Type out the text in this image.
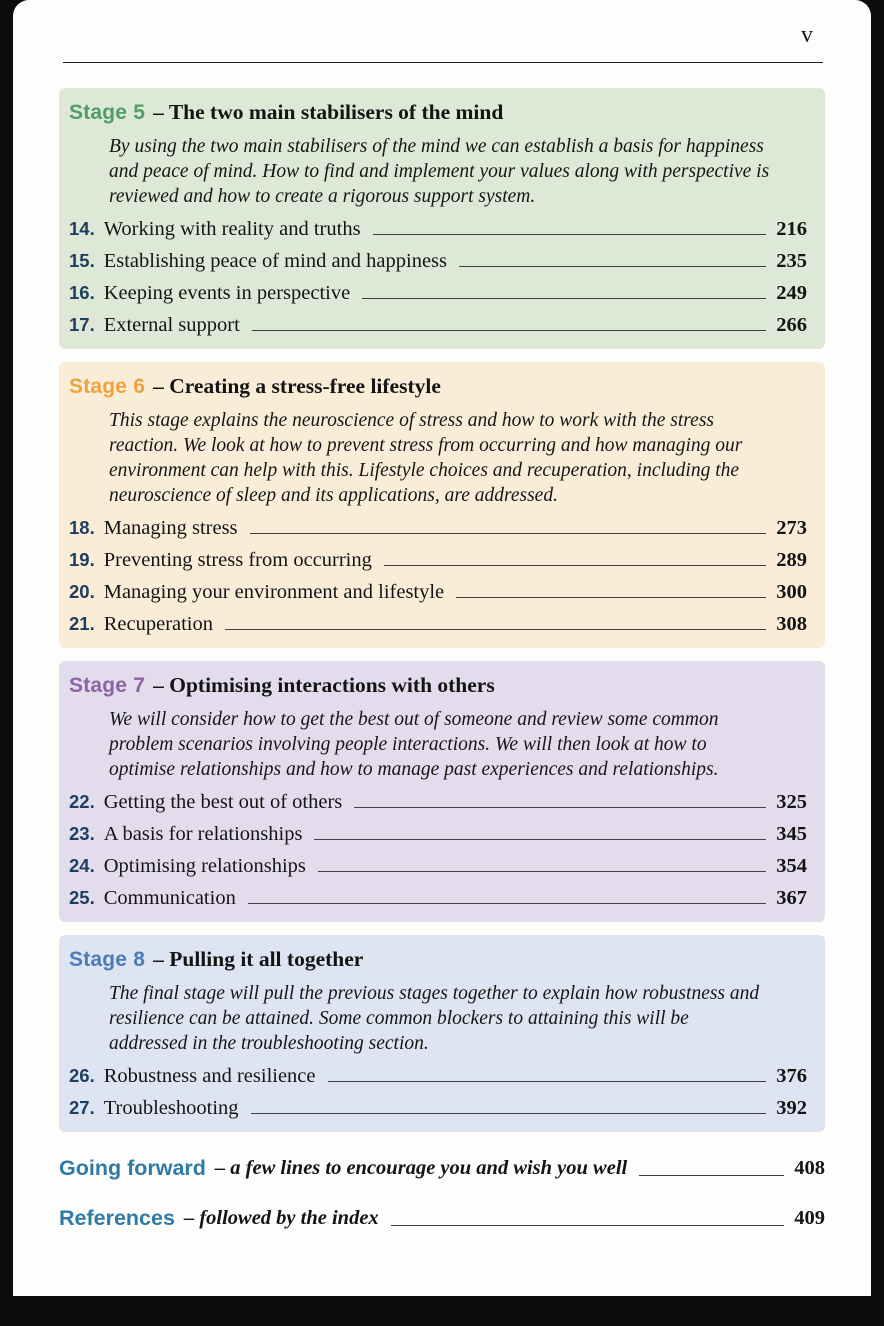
v
Stage 5 – The two main stabilisers of the mind

By using the two main stabilisers of the mind we can establish a basis for happiness and peace of mind. How to find and implement your values along with perspective is reviewed and how to create a rigorous support system.

14. Working with reality and truths	216
15. Establishing peace of mind and happiness	235
16. Keeping events in perspective	249
17. External support	266
Stage 6 – Creating a stress-free lifestyle

This stage explains the neuroscience of stress and how to work with the stress reaction. We look at how to prevent stress from occurring and how managing our environment can help with this. Lifestyle choices and recuperation, including the neuroscience of sleep and its applications, are addressed.

18. Managing stress	273
19. Preventing stress from occurring	289
20. Managing your environment and lifestyle	300
21. Recuperation	308
Stage 7 – Optimising interactions with others

We will consider how to get the best out of someone and review some common problem scenarios involving people interactions. We will then look at how to optimise relationships and how to manage past experiences and relationships.

22. Getting the best out of others	325
23. A basis for relationships	345
24. Optimising relationships	354
25. Communication	367
Stage 8 – Pulling it all together

The final stage will pull the previous stages together to explain how robustness and resilience can be attained. Some common blockers to attaining this will be addressed in the troubleshooting section.

26. Robustness and resilience	376
27. Troubleshooting	392
Going forward – a few lines to encourage you and wish you well	408
References – followed by the index	409
